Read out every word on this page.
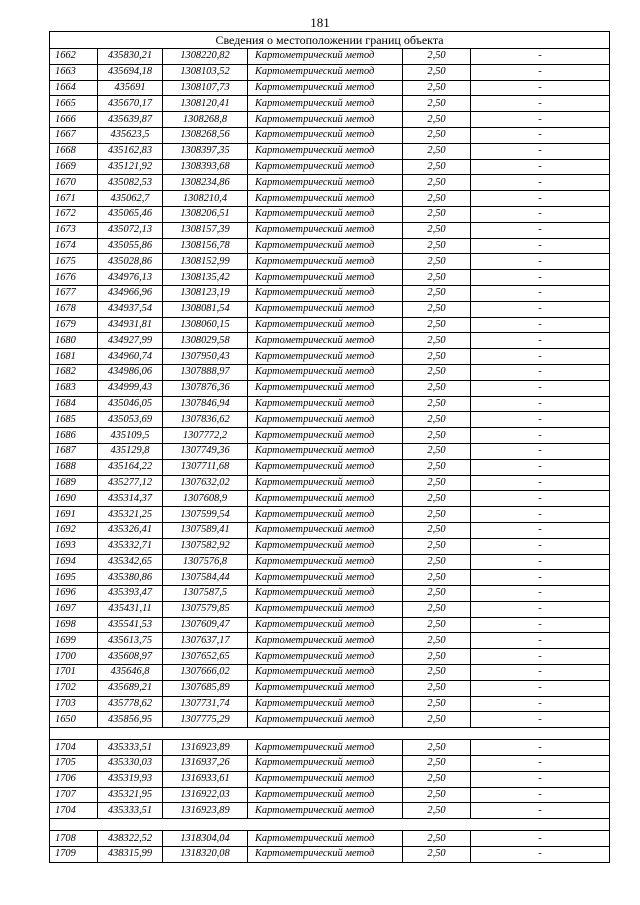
181
Сведения о местоположении границ объекта					
1662	435830,21	1308220,82	Картометрический метод	2,50	-
1663	435694,18	1308103,52	Картометрический метод	2,50	-
1664	435691	1308107,73	Картометрический метод	2,50	-
1665	435670,17	1308120,41	Картометрический метод	2,50	-
1666	435639,87	1308268,8	Картометрический метод	2,50	-
1667	435623,5	1308268,56	Картометрический метод	2,50	-
1668	435162,83	1308397,35	Картометрический метод	2,50	-
1669	435121,92	1308393,68	Картометрический метод	2,50	-
1670	435082,53	1308234,86	Картометрический метод	2,50	-
1671	435062,7	1308210,4	Картометрический метод	2,50	-
1672	435065,46	1308206,51	Картометрический метод	2,50	-
1673	435072,13	1308157,39	Картометрический метод	2,50	-
1674	435055,86	1308156,78	Картометрический метод	2,50	-
1675	435028,86	1308152,99	Картометрический метод	2,50	-
1676	434976,13	1308135,42	Картометрический метод	2,50	-
1677	434966,96	1308123,19	Картометрический метод	2,50	-
1678	434937,54	1308081,54	Картометрический метод	2,50	-
1679	434931,81	1308060,15	Картометрический метод	2,50	-
1680	434927,99	1308029,58	Картометрический метод	2,50	-
1681	434960,74	1307950,43	Картометрический метод	2,50	-
1682	434986,06	1307888,97	Картометрический метод	2,50	-
1683	434999,43	1307876,36	Картометрический метод	2,50	-
1684	435046,05	1307846,94	Картометрический метод	2,50	-
1685	435053,69	1307836,62	Картометрический метод	2,50	-
1686	435109,5	1307772,2	Картометрический метод	2,50	-
1687	435129,8	1307749,36	Картометрический метод	2,50	-
1688	435164,22	1307711,68	Картометрический метод	2,50	-
1689	435277,12	1307632,02	Картометрический метод	2,50	-
1690	435314,37	1307608,9	Картометрический метод	2,50	-
1691	435321,25	1307599,54	Картометрический метод	2,50	-
1692	435326,41	1307589,41	Картометрический метод	2,50	-
1693	435332,71	1307582,92	Картометрический метод	2,50	-
1694	435342,65	1307576,8	Картометрический метод	2,50	-
1695	435380,86	1307584,44	Картометрический метод	2,50	-
1696	435393,47	1307587,5	Картометрический метод	2,50	-
1697	435431,11	1307579,85	Картометрический метод	2,50	-
1698	435541,53	1307609,47	Картометрический метод	2,50	-
1699	435613,75	1307637,17	Картометрический метод	2,50	-
1700	435608,97	1307652,65	Картометрический метод	2,50	-
1701	435646,8	1307666,02	Картометрический метод	2,50	-
1702	435689,21	1307685,89	Картометрический метод	2,50	-
1703	435778,62	1307731,74	Картометрический метод	2,50	-
1650	435856,95	1307775,29	Картометрический метод	2,50	-

1704	435333,51	1316923,89	Картометрический метод	2,50	-
1705	435330,03	1316937,26	Картометрический метод	2,50	-
1706	435319,93	1316933,61	Картометрический метод	2,50	-
1707	435321,95	1316922,03	Картометрический метод	2,50	-
1704	435333,51	1316923,89	Картометрический метод	2,50	-

1708	438322,52	1318304,04	Картометрический метод	2,50	-
1709	438315,99	1318320,08	Картометрический метод	2,50	-
